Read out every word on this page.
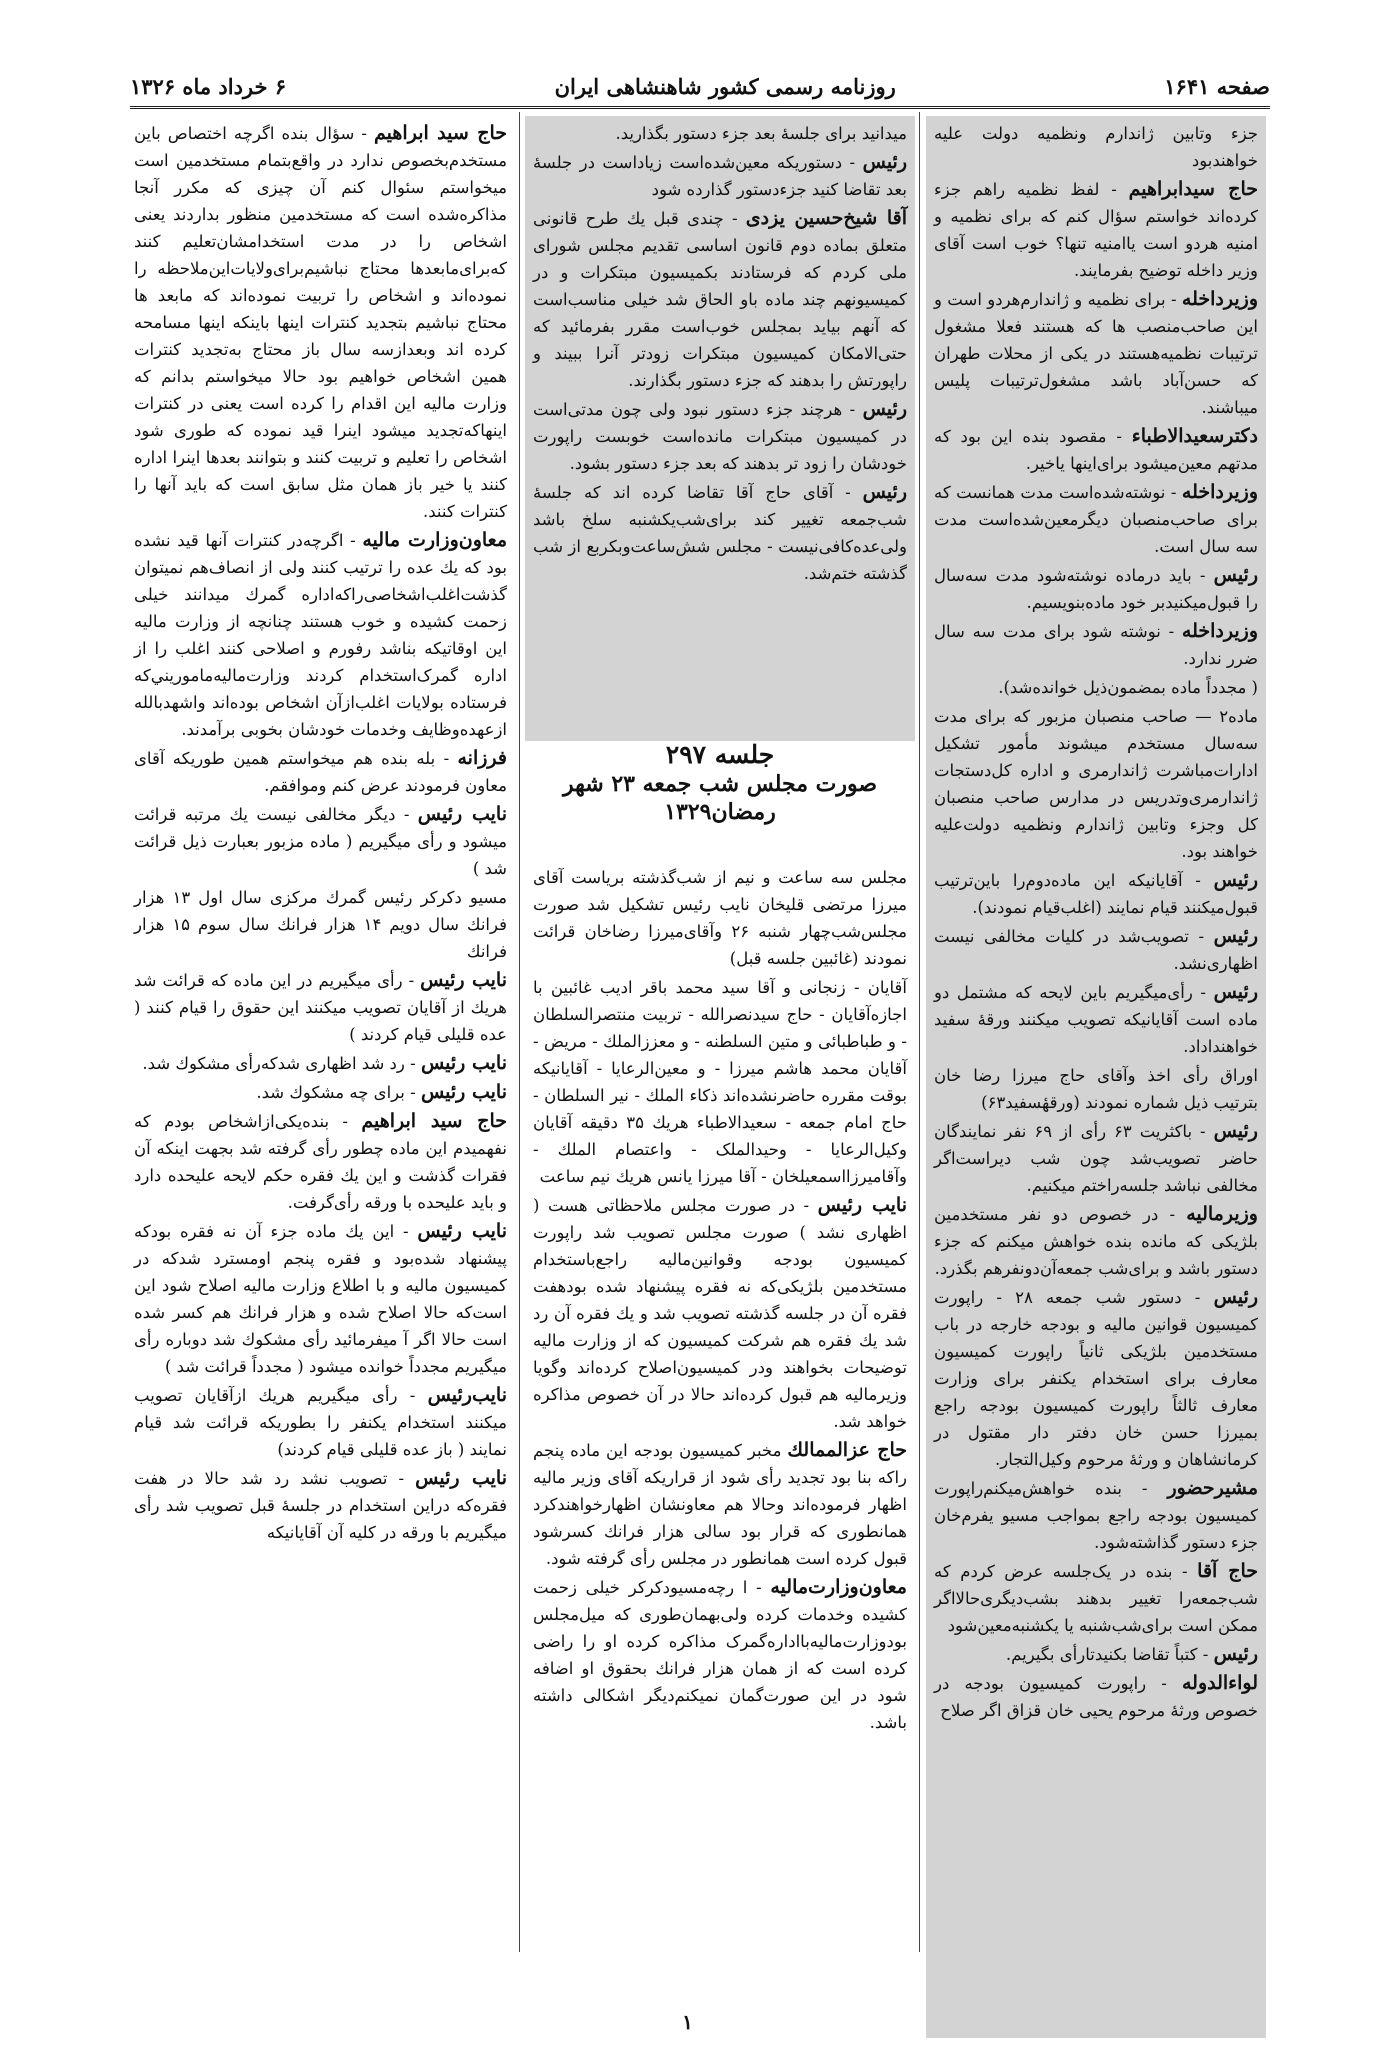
صفحه ۱۶۴۱
روزنامه رسمی کشور شاهنشاهی ایران
۶ خرداد ماه ۱۳۲۶

جزء وتابین ژاندارم ونظمیه دولت علیه خواهندبود

حاج سیدابراهیم - لفظ نظمیه راهم جزء کرده‌اند خواستم سؤال کنم که برای نظمیه و امنیه هردو است یاامنیه تنها؟ خوب است آقای وزیر داخله توضیح بفرمایند.

وزیرداخله - برای نظمیه و ژاندارم‌هردو است و این صاحب‌منصب ها که هستند فعلا مشغول ترتیبات نظمیه‌هستند در یکی از محلات طهران که حسن‌آباد باشد مشغول‌ترتیبات پلیس میباشند.

دکترسعیدالاطباء - مقصود بنده این بود که مدتهم معین‌میشود برای‌اینها یاخیر.

وزیرداخله - نوشته‌شده‌است مدت همانست که برای صاحب‌منصبان دیگرمعین‌شده‌است مدت سه سال است.

رئیس - باید درماده نوشته‌شود مدت سه‌سال را قبول‌میکنیدبر خود ماده‌بنویسیم.

وزیرداخله - نوشته شود برای مدت سه سال ضرر ندارد.

( مجدداً ماده بمضمون‌ذیل خوانده‌شد).

ماده۲ — صاحب منصبان مزبور که برای مدت سه‌سال مستخدم میشوند مأمور تشکیل ادارات‌مباشرت ژاندارمری و اداره کل‌دستجات ژاندارمری‌و‌تدریس در مدارس صاحب منصبان کل وجزء وتابین ژاندارم ونظمیه دولت‌علیه خواهند بود.

رئیس - آقایانیکه این ماده‌دوم‌را باین‌ترتیب قبول‌میکنند قیام نمایند (اغلب‌قیام نمودند).

رئیس - تصویب‌شد در کلیات مخالفی نیست اظهاری‌نشد.

رئیس - رأی‌میگیریم باین لایحه که مشتمل دو ماده است آقایانیکه تصویب میکنند ورقهٔ سفید خواهنداداد.

اوراق رأی اخذ وآقای حاج میرزا رضا خان بترتیب ذیل شماره نمودند (ورقهٔسفید۶۳)

رئیس - باکثریت ۶۳ رأی از ۶۹ نفر نمایندگان حاضر تصویب‌شد چون شب دیراست‌اگر مخالفی نباشد جلسه‌راختم میکنیم.

وزیرمالیه - در خصوص دو نفر مستخدمین بلژیکی که مانده بنده خواهش میکنم که جزء دستور باشد و برای‌شب جمعه‌آن‌دونفرهم بگذرد.

رئیس - دستور شب جمعه ۲۸ - راپورت کمیسیون قوانین مالیه و بودجه خارجه در باب مستخدمین بلژیکی ثانیاً راپورت کمیسیون معارف برای استخدام یکنفر برای وزارت معارف ثالثاً راپورت کمیسیون بودجه راجع بمیرزا حسن خان دفتر دار مقتول در کرمانشاهان و ورثهٔ مرحوم وکیل‌التجار.

مشیرحضور - بنده خواهش‌میکنم‌راپورت کمیسیون بودجه راجع بمواجب مسیو یفرم‌خان جزء دستور گذاشته‌شود.

حاج آقا - بنده در یک‌جلسه عرض کردم که شب‌جمعه‌را تغییر بدهند بشب‌دیگری‌حالااگر ممکن است برای‌شب‌شنبه یا یکشنبه‌معین‌شود

رئیس - کتباً تقاضا بکنید‌تارأی بگیریم.

لواءالدوله - راپورت کمیسیون بودجه در خصوص ورثهٔ مرحوم یحیی خان قزاق اگر صلاح

میدانید برای جلسهٔ بعد جزء دستور بگذارید.

رئیس - دستوریکه معین‌شده‌است زیاداست در جلسهٔ بعد تقاضا کنید جزءدستور گذارده شود

آقا شیخ‌حسین یزدی - چندی قبل یك طرح قانونی متعلق بماده دوم قانون اساسی تقدیم مجلس شورای ملی کردم که فرستادند بکمیسیون مبتکرات و در کمیسیونهم چند ماده باو الحاق شد خیلی مناسب‌است که آنهم بیاید بمجلس خوب‌است مقرر بفرمائید که حتی‌الامکان کمیسیون مبتکرات زودتر آنرا ببیند و راپورتش را بدهند که جزء دستور بگذارند.

رئیس - هرچند جزء دستور نبود ولی چون مدتی‌است در کمیسیون مبتکرات مانده‌است خوبست راپورت خودشان را زود تر بدهند که بعد جزء دستور بشود.

رئیس - آقای حاج آقا تقاضا کرده اند که جلسهٔ شب‌جمعه تغییر کند برای‌شب‌یکشنبه سلخ باشد ولی‌عده‌کافی‌نیست - مجلس شش‌ساعت‌وبکربع از شب گذشته ختم‌شد.

جلسه ۲۹۷
صورت مجلس شب جمعه ۲۳ شهر رمضان۱۳۲۹

مجلس سه ساعت و نیم از شب‌گذشته بریاست آقای میرزا مرتضی قلیخان نایب رئیس تشکیل شد صورت مجلس‌شب‌چهار شنبه ۲۶ وآقای‌میرزا رضاخان قرائت نمودند (غائبین جلسه قبل)

آقایان - زنجانی و آقا سید محمد باقر ادیب غائبین با اجازه‌آقایان - حاج سیدنصرالله - تربیت منتصرالسلطان - و طباطبائی و متین السلطنه - و معززالملك - مریض - آقایان محمد هاشم میرزا - و معین‌الرعایا - آقایانیکه بوقت مقرره حاضرنشده‌اند ذکاء الملك - نیر السلطان - حاج امام جمعه - سعیدالاطباء هریك ۳۵ دقیقه آقایان وکیل‌الرعایا - وحیدالملک - واعتصام الملك - وآقامیرزااسمعیلخان - آقا میرزا یانس هریك نیم ساعت

نایب رئیس - در صورت مجلس ملاحظاتی هست ( اظهاری نشد ) صورت مجلس تصویب شد راپورت کمیسیون بودجه وقوانین‌مالیه راجع‌باستخدام مستخدمین بلژیکی‌که نه فقره پیشنهاد شده بودهفت فقره آن در جلسه گذشته تصویب شد و یك فقره آن رد شد یك فقره هم شرکت کمیسیون که از وزارت مالیه توضیحات بخواهند ودر کمیسیون‌اصلاح کرده‌اند وگویا وزیرمالیه هم قبول کرده‌اند حالا در آن خصوص مذاکره خواهد شد.

حاج عزالممالك مخبر کمیسیون بودجه این ماده پنجم راکه بنا بود تجدید رأی شود از قراریکه آقای وزیر مالیه اظهار فرموده‌اند وحالا هم معاونشان اظهارخواهندکرد همانطوری که قرار بود سالی هزار فرانك کسرشود قبول کرده است همانطور در مجلس رأی گرفته شود.

معاون‌وزارت‌مالیه - ا رچه‌مسیودکرکر خیلی زحمت کشیده وخدمات کرده ولی‌بهمان‌طوری که میل‌مجلس بودوزارت‌مالیه‌بااداره‌گمرک مذاکره کرده او را راضی کرده است که از همان هزار فرانك بحقوق او اضافه شود در این صورت‌گمان نمیکنم‌دیگر اشکالی داشته باشد.

حاج سید ابراهیم - سؤال بنده اگرچه اختصاص باین مستخدم‌بخصوص ندارد در واقع‌بتمام مستخدمین است میخواستم سئوال کنم آن چیزی که مکرر آنجا مذاکره‌شده است که مستخدمین منظور بداردند یعنی اشخاص را در مدت استخدامشان‌تعلیم کنند که‌برای‌مابعدها محتاج نباشیم‌برای‌ولایات‌این‌ملاحظه را نموده‌اند و اشخاص را تربیت نموده‌اند که مابعد ها محتاج نباشیم بتجدید کنترات اینها باینکه اینها مسامحه کرده اند وبعدازسه سال باز محتاج به‌تجدید کنترات همین اشخاص خواهیم بود حالا میخواستم بدانم که وزارت مالیه این اقدام را کرده است یعنی در کنترات اینهاکه‌تجدید میشود اینرا قید نموده که طوری شود اشخاص را تعلیم و تربیت کنند و بتوانند بعدها اینرا اداره کنند یا خیر باز همان مثل سابق است که باید آنها را کنترات کنند.

معاون‌وزارت مالیه - اگرچه‌در کنترات آنها قید نشده بود که یك عده را ترتیب کنند ولی از انصاف‌هم نمیتوان گذشت‌اغلب‌اشخاصی‌را‌که‌اداره گمرك میدانند خیلی زحمت کشیده و خوب هستند چنانچه از وزارت مالیه این اوقاتیکه بناشد رفورم و اصلاحی کنند اغلب را از اداره گمرک‌استخدام کردند وزارت‌مالیه‌ماموریني‌که فرستاده بولایات اغلب‌از‌آن اشخاص بوده‌اند واشهدبالله ازعهده‌وظایف وخدمات خودشان بخوبی برآمدند.

فرزانه - بله بنده هم میخواستم همین طوریکه آقای معاون فرمودند عرض کنم وموافقم.

نایب رئیس - دیگر مخالفی نیست یك مرتبه قرائت میشود و رأی میگیریم ( ماده مزبور بعبارت ذیل قرائت شد )

مسیو دکرکر رئیس گمرك مرکزی سال اول ۱۳ هزار فرانك سال دویم ۱۴ هزار فرانك سال سوم ۱۵ هزار فرانك

نایب رئیس - رأی میگیریم در این ماده که قرائت شد هریك از آقایان تصویب میکنند این حقوق را قیام کنند ( عده قلیلی قیام کردند )

نایب رئیس - رد شد اظهاری شدکه‌رأی مشکوك شد.

نایب رئیس - برای چه مشکوك شد.

حاج سید ابراهیم - بنده‌یکی‌ازاشخاص بودم که نفهمیدم این ماده چطور رأی گرفته شد بجهت اینکه آن فقرات گذشت و این یك فقره حکم لایحه علیحده دارد و باید علیحده با ورقه رأی‌گرفت.

نایب رئیس - این یك ماده جزء آن نه فقره بود‌که پیشنهاد شده‌بود و فقره پنجم اومسترد شد‌که در کمیسیون مالیه و با اطلاع وزارت مالیه اصلاح شود این است‌که حالا اصلاح شده و هزار فرانك هم کسر شده است حالا اگر آ میفرمائید رأی مشکوك شد دوباره رأی میگیریم مجدداً خوانده میشود ( مجدداً قرائت شد )

نایب‌رئیس - رأی میگیریم هریك ازآقایان تصویب میکنند استخدام یکنفر را بطوریکه قرائت شد قیام نمایند ( باز عده قلیلی قیام کردند)

نایب رئیس - تصویب نشد رد شد حالا در هفت فقره‌که دراین استخدام در جلسهٔ قبل تصویب شد رأی میگیریم با ورقه در کلیه آن آقایانیکه

۱
